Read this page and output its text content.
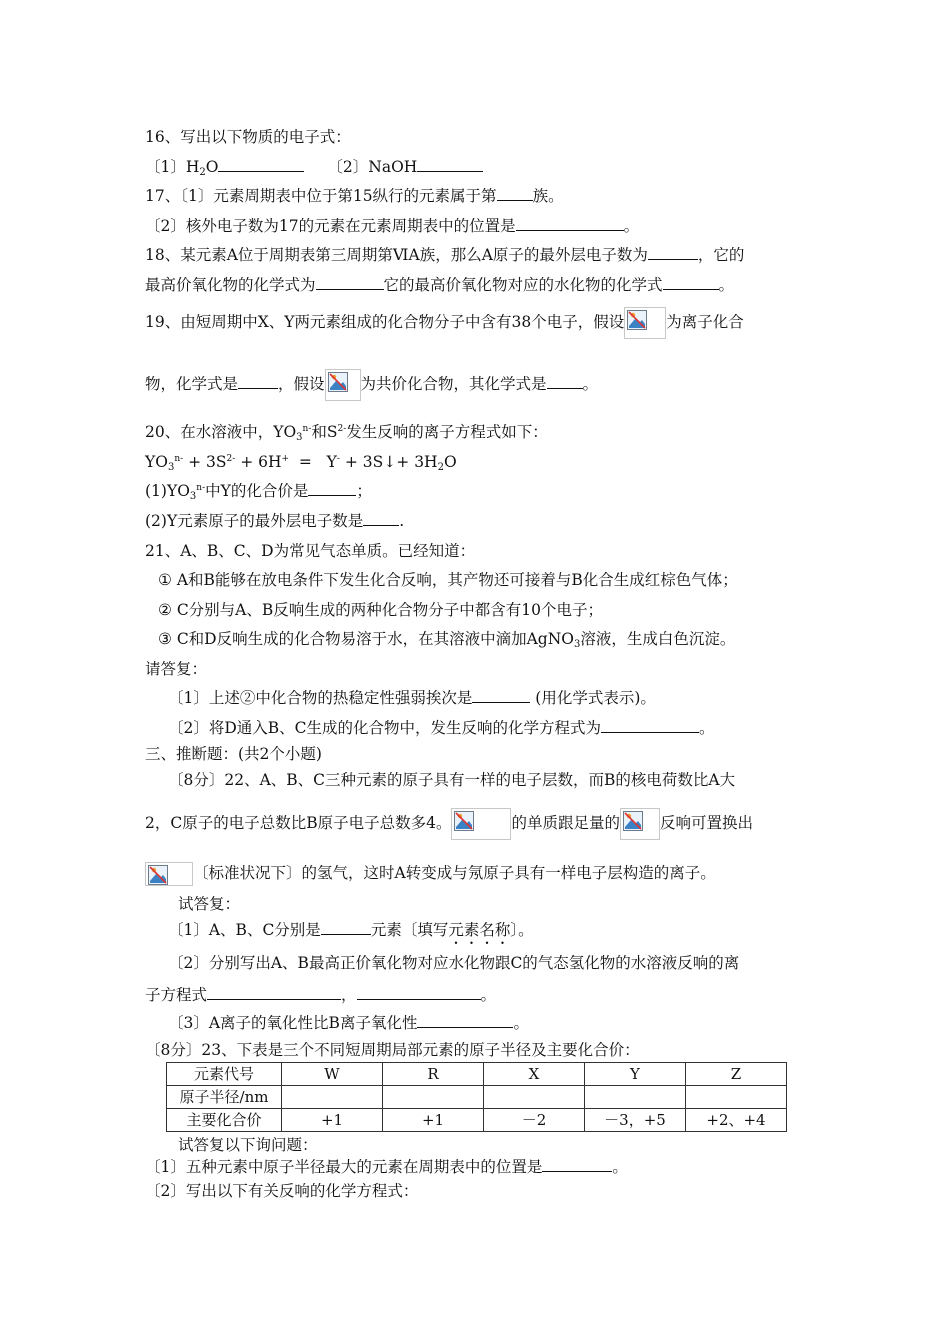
16、写出以下物质的电子式：
〔1〕$H_2O$	〔2〕NaOH
17、〔1〕元素周期表中位于第15纵行的元素属于第 族。
〔2〕核外电子数为17的元素在元素周期表中的位置是	。
18、某元素A位于周期表第三周期第ⅥA族，那么A原子的最外层电子数为	，它的
最高价氧化物的化学式为	它的最高价氧化物对应的水化物的化学式	。
19、由短周期中X、Y两元素组成的化合物分子中含有38个电子，假设	为离子化合
物，化学式是	，假设 为共价化合物，其化学式是 。
20、在水溶液中，$YO_3^{n-}$和$S^{2-}$发生反响的离子方程式如下：
$YO_3^{n-} + 3S^{2-} + 6H^+ = Y^-$ + 3S↓+ $3H_2O$
$(1)YO_3^{n-}$中Y的化合价是	；
(2)Y元素原子的最外层电子数是 .
21、A、B、C、D为常见气态单质。已经知道：
① A和B能够在放电条件下发生化合反响，其产物还可接着与B化合生成红棕色气体；
② C分别与A、B反响生成的两种化合物分子中都含有10个电子；
③ C和D反响生成的化合物易溶于水，在其溶液中滴加AgNO$_3$溶液，生成白色沉淀。
请答复：
〔1〕上述②中化合物的热稳定性强弱挨次是	(用化学式表示)。
〔2〕将D通入B、C生成的化合物中，发生反响的化学方程式为	。
三、推断题：(共2个小题)
〔8分〕22、A、B、C三种元素的原子具有一样的电子层数，而B的核电荷数比A大
2，C原子的电子总数比B原子电子总数多4。	的单质跟足量的	反响可置换出
〔标准状况下〕的氢气，这时A转变成与氖原子具有一样电子层构造的离子。
试答复：
〔1〕A、B、C分别是	元素〔填写元素名称〕。
〔2〕分别写出A、B最高正价氧化物对应水化物跟C的气态氢化物的水溶液反响的离
子方程式	，	。
〔3〕A离子的氧化性比B离子氧化性	。
〔8分〕23、下表是三个不同短周期局部元素的原子半径及主要化合价：
元素代号	W	R	X	Y	Z
原子半径/nm					
主要化合价	+1	+1	－2	－3，+5	+2、+4
试答复以下询问题：
〔1〕五种元素中原子半径最大的元素在周期表中的位置是	。
〔2〕写出以下有关反响的化学方程式：
